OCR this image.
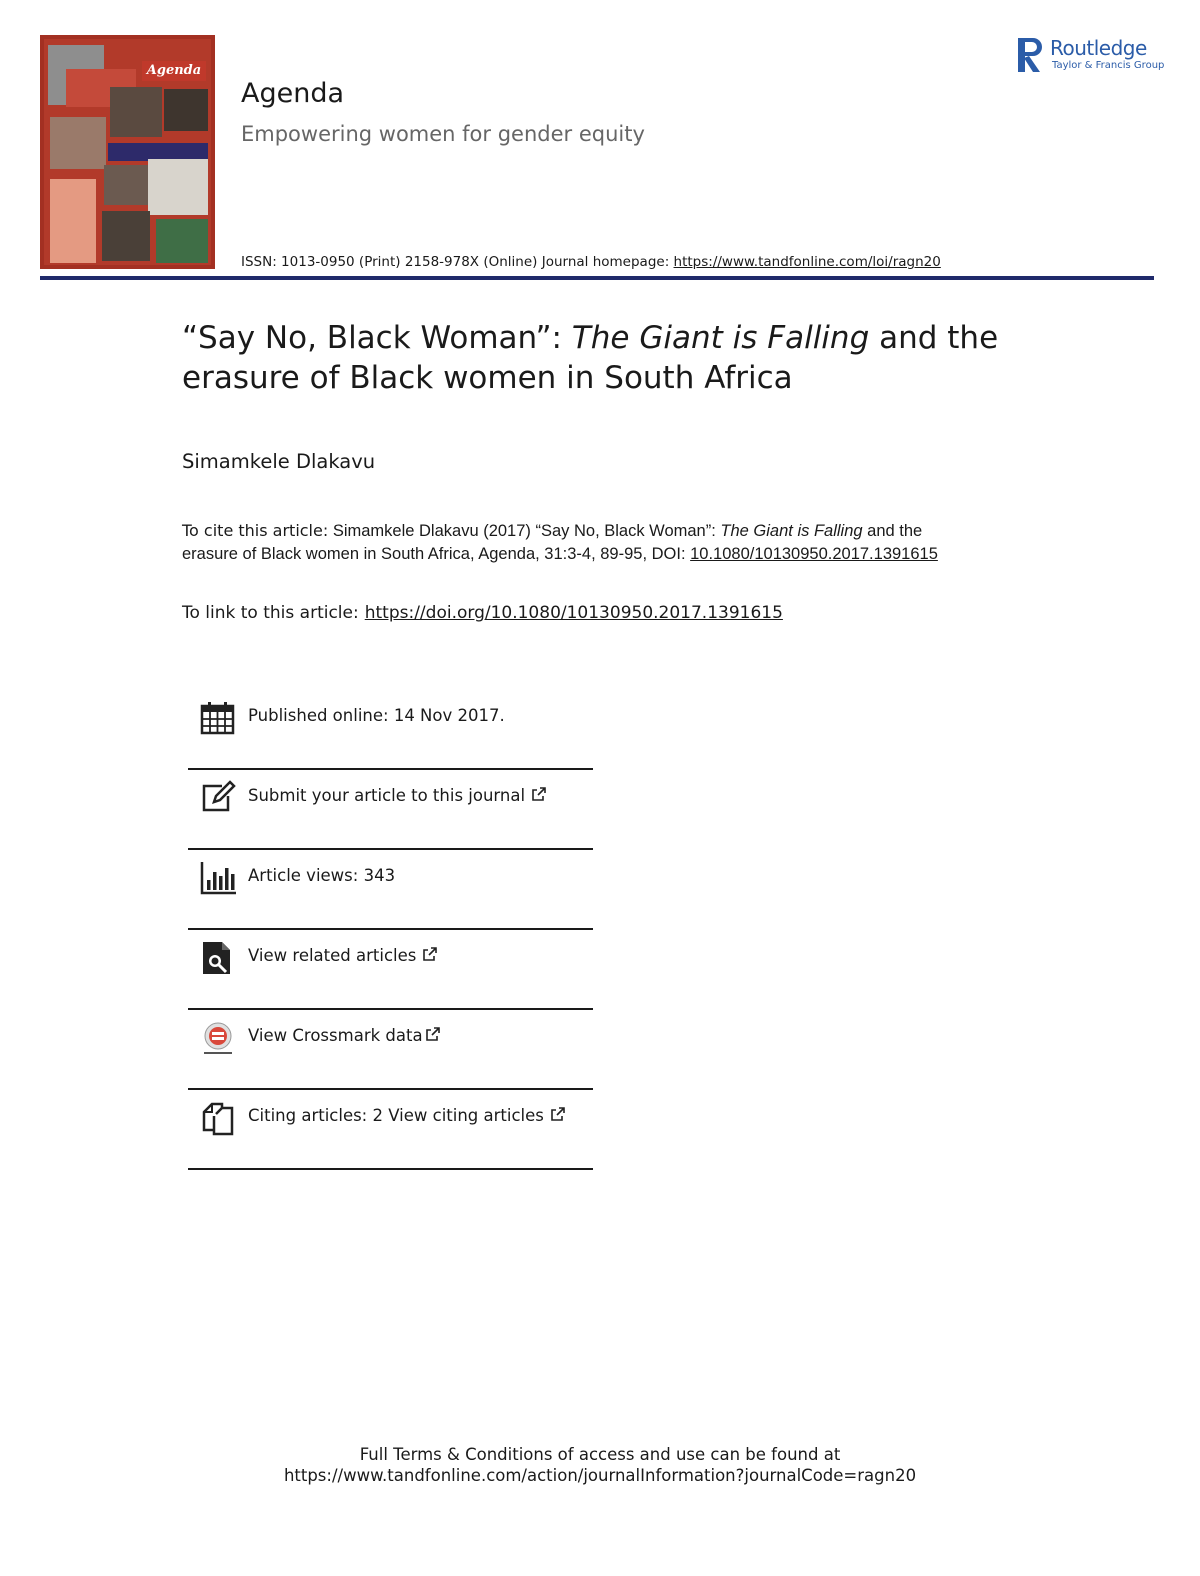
Agenda
Routledge
Taylor & Francis Group
Agenda
Empowering women for gender equity
ISSN: 1013-0950 (Print) 2158-978X (Online) Journal homepage: https://www.tandfonline.com/loi/ragn20
“Say No, Black Woman”: The Giant is Falling and the erasure of Black women in South Africa
Simamkele Dlakavu
To cite this article: Simamkele Dlakavu (2017) “Say No, Black Woman”: The Giant is Falling and the erasure of Black women in South Africa, Agenda, 31:3-4, 89-95, DOI: 10.1080/10130950.2017.1391615
To link to this article: https://doi.org/10.1080/10130950.2017.1391615
Published online: 14 Nov 2017.
Submit your article to this journal
Article views: 343
View related articles
View Crossmark data
Citing articles: 2 View citing articles
Full Terms & Conditions of access and use can be found at
https://www.tandfonline.com/action/journalInformation?journalCode=ragn20
